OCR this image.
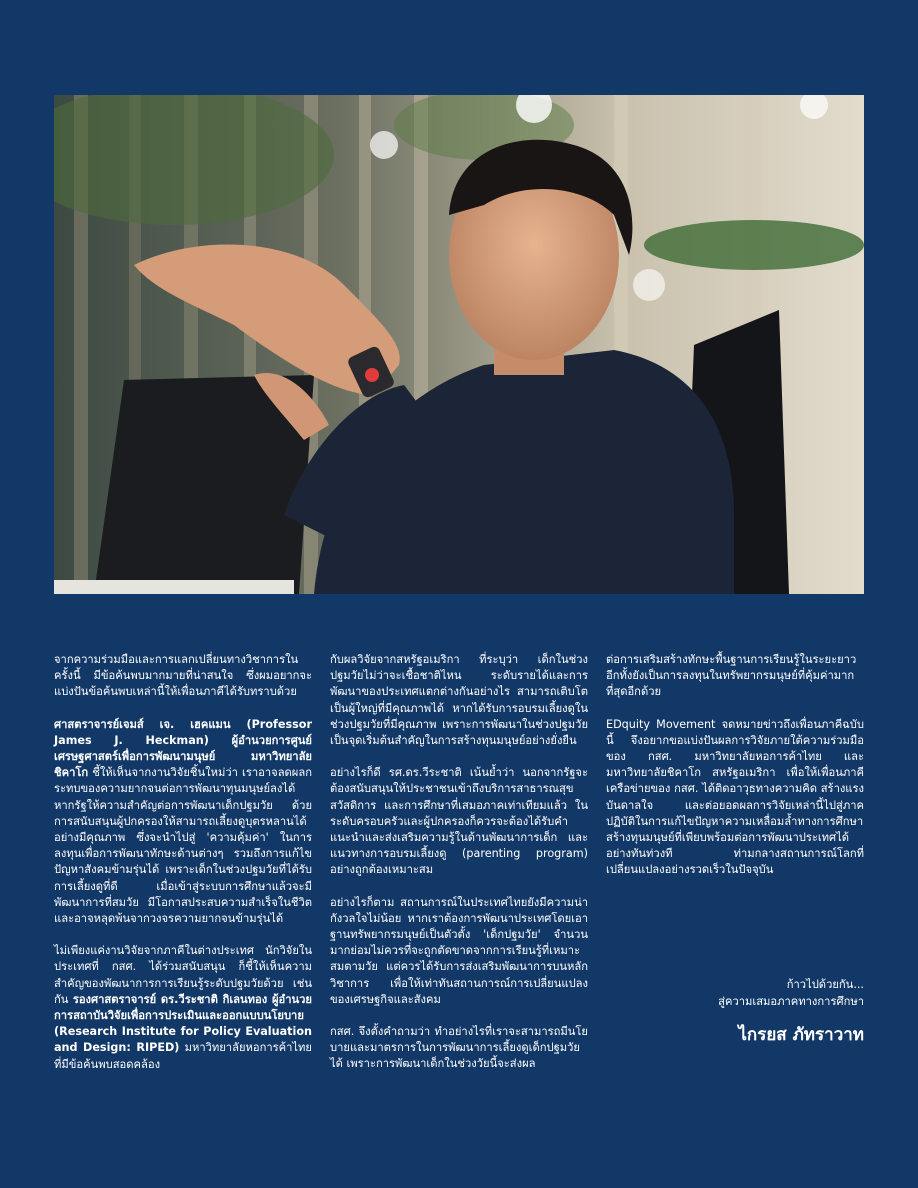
จากความร่วมมือและการแลกเปลี่ยนทางวิชาการใน ครั้งนี้ มีข้อค้นพบมากมายที่น่าสนใจ ซึ่งผมอยากจะแบ่งปันข้อค้นพบเหล่านี้ให้เพื่อนภาคีได้รับทราบด้วย

ศาสตราจารย์เจมส์ เจ. เฮคแมน (Professor James J. Heckman) ผู้อำนวยการศูนย์เศรษฐศาสตร์เพื่อการพัฒนามนุษย์ มหาวิทยาลัยชิคาโก ชี้ให้เห็นจากงานวิจัยชิ้นใหม่ว่า เราอาจลดผลกระทบของความยากจนต่อการพัฒนาทุนมนุษย์ลงได้ หากรัฐให้ความสำคัญต่อการพัฒนาเด็กปฐมวัย ด้วยการสนับสนุนผู้ปกครองให้สามารถเลี้ยงดูบุตรหลานได้อย่างมีคุณภาพ ซึ่งจะนำไปสู่ 'ความคุ้มค่า' ในการลงทุนเพื่อการพัฒนาทักษะด้านต่างๆ รวมถึงการแก้ไขปัญหาสังคมข้ามรุ่นได้ เพราะเด็กในช่วงปฐมวัยที่ได้รับการเลี้ยงดูที่ดี เมื่อเข้าสู่ระบบการศึกษาแล้วจะมีพัฒนาการที่สมวัย มีโอกาสประสบความสำเร็จในชีวิต และอาจหลุดพ้นจากวงจรความยากจนข้ามรุ่นได้

ไม่เพียงแค่งานวิจัยจากภาคีในต่างประเทศ นักวิจัยในประเทศที่ กสศ. ได้ร่วมสนับสนุน ก็ชี้ให้เห็นความสำคัญของพัฒนาการการเรียนรู้ระดับปฐมวัยด้วย เช่นกัน รองศาสตราจารย์ ดร.วีระชาติ กิเลนทอง ผู้อำนวยการสถาบันวิจัยเพื่อการประเมินและออกแบบนโยบาย (Research Institute for Policy Evaluation and Design: RIPED) มหาวิทยาลัยหอการค้าไทย ที่มีข้อค้นพบสอดคล้อง

กับผลวิจัยจากสหรัฐอเมริกา ที่ระบุว่า เด็กในช่วงปฐมวัยไม่ว่าจะเชื้อชาติไหน ระดับรายได้และการพัฒนาของประเทศแตกต่างกันอย่างไร สามารถเติบโตเป็นผู้ใหญ่ที่มีคุณภาพได้ หากได้รับการอบรมเลี้ยงดูในช่วงปฐมวัยที่มีคุณภาพ เพราะการพัฒนาในช่วงปฐมวัยเป็นจุดเริ่มต้นสำคัญในการสร้างทุนมนุษย์อย่างยั่งยืน

อย่างไรก็ดี รศ.ดร.วีระชาติ เน้นย้ำว่า นอกจากรัฐจะต้องสนับสนุนให้ประชาชนเข้าถึงบริการสาธารณสุข สวัสดิการ และการศึกษาที่เสมอภาคเท่าเทียมแล้ว ในระดับครอบครัวและผู้ปกครองก็ควรจะต้องได้รับคำแนะนำและส่งเสริมความรู้ในด้านพัฒนาการเด็ก และแนวทางการอบรมเลี้ยงดู (parenting program) อย่างถูกต้องเหมาะสม

อย่างไรก็ตาม สถานการณ์ในประเทศไทยยังมีความน่ากังวลใจไม่น้อย หากเราต้องการพัฒนาประเทศโดยเอาฐานทรัพยากรมนุษย์เป็นตัวตั้ง 'เด็กปฐมวัย' จำนวนมากย่อมไม่ควรที่จะถูกตัดขาดจากการเรียนรู้ที่เหมาะสมตามวัย แต่ควรได้รับการส่งเสริมพัฒนาการบนหลักวิชาการ เพื่อให้เท่าทันสถานการณ์การเปลี่ยนแปลงของเศรษฐกิจและสังคม

กสศ. จึงตั้งคำถามว่า ทำอย่างไรที่เราจะสามารถมีนโยบายและมาตรการในการพัฒนาการเลี้ยงดูเด็กปฐมวัยได้ เพราะการพัฒนาเด็กในช่วงวัยนี้จะส่งผล

ต่อการเสริมสร้างทักษะพื้นฐานการเรียนรู้ในระยะยาว อีกทั้งยังเป็นการลงทุนในทรัพยากรมนุษย์ที่คุ้มค่ามากที่สุดอีกด้วย

EDquity Movement จดหมายข่าวถึงเพื่อนภาคีฉบับนี้ จึงอยากขอแบ่งปันผลการวิจัยภายใต้ความร่วมมือของ กสศ. มหาวิทยาลัยหอการค้าไทย และมหาวิทยาลัยชิคาโก สหรัฐอเมริกา เพื่อให้เพื่อนภาคีเครือข่ายของ กสศ. ได้ติดอาวุธทางความคิด สร้างแรงบันดาลใจ และต่อยอดผลการวิจัยเหล่านี้ไปสู่ภาคปฏิบัติในการแก้ไขปัญหาความเหลื่อมล้ำทางการศึกษา สร้างทุนมนุษย์ที่เพียบพร้อมต่อการพัฒนาประเทศได้อย่างทันท่วงที ท่ามกลางสถานการณ์โลกที่เปลี่ยนแปลงอย่างรวดเร็วในปัจจุบัน

ก้าวไปด้วยกัน...
สู่ความเสมอภาคทางการศึกษา
ไกรยส ภัทราวาท
